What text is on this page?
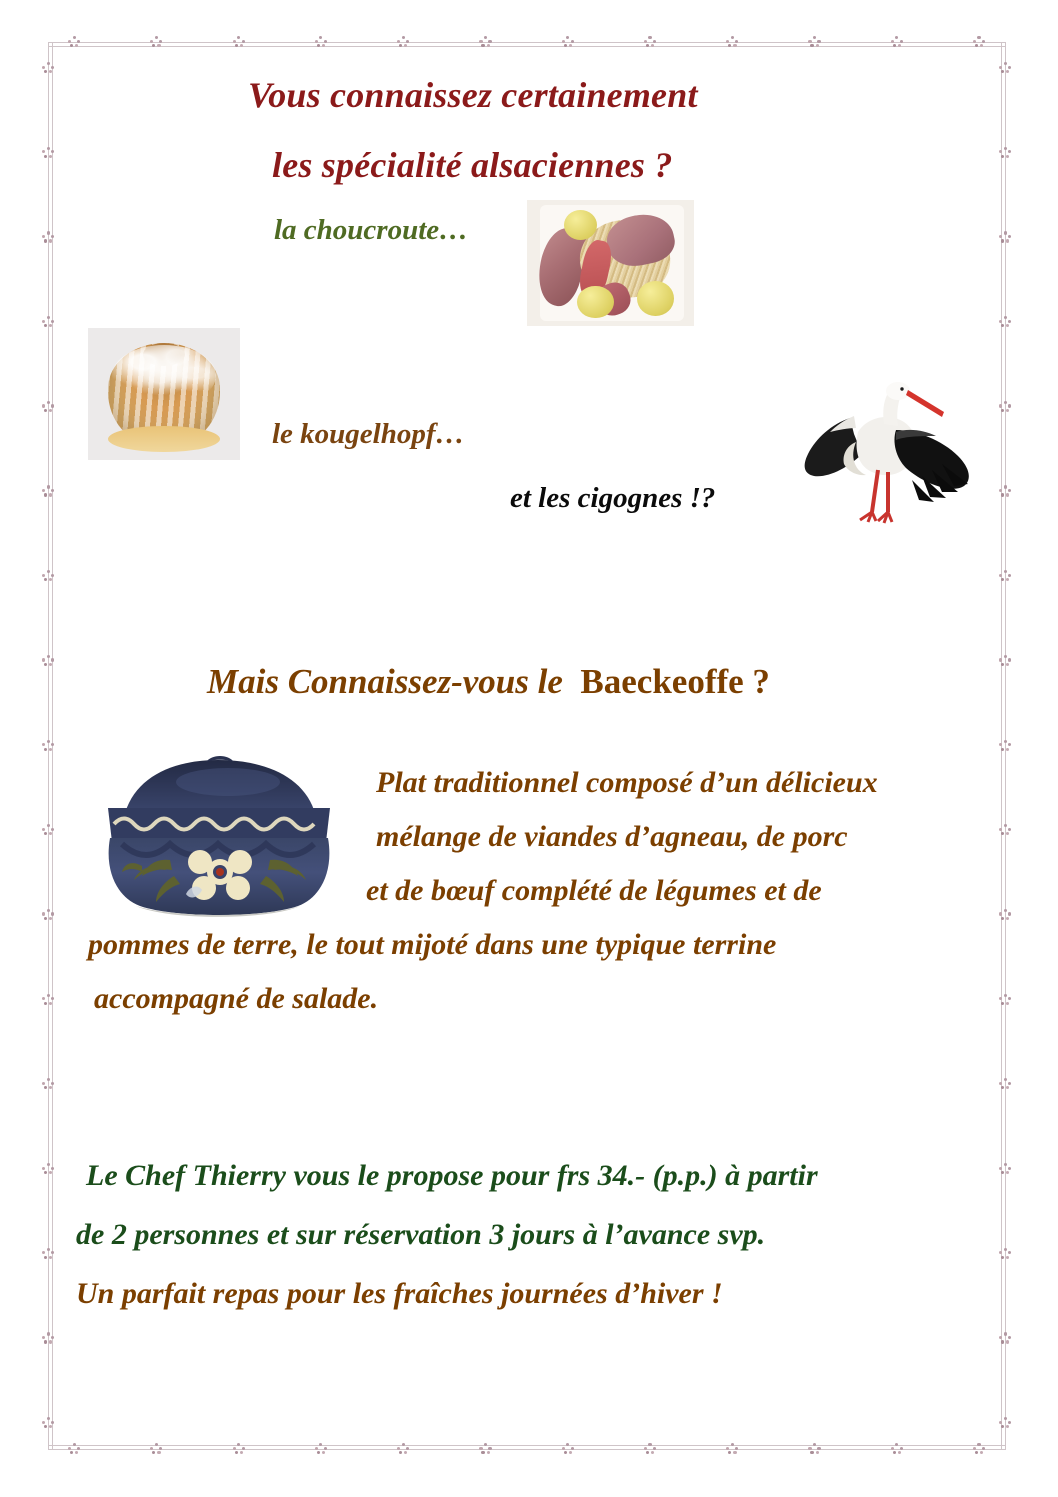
Vous connaissez certainement
les spécialité alsaciennes ?
la choucroute…
le kougelhopf…
et les cigognes !?

Mais Connaissez-vous le  Baeckeoffe ?

Plat traditionnel composé d’un délicieux
mélange de viandes d’agneau, de porc
et de bœuf complété de légumes et de
pommes de terre, le tout mijoté dans une typique terrine
accompagné de salade.
Le Chef Thierry vous le propose pour frs 34.- (p.p.) à partir
de 2 personnes et sur réservation 3 jours à l’avance svp.
Un parfait repas pour les fraîches journées d’hiver !
